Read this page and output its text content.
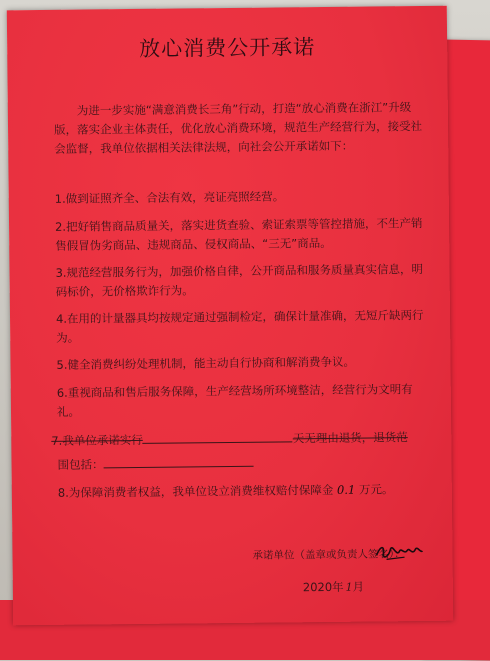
放心消费公开承诺
为进一步实施“满意消费长三角”行动，打造“放心消费在浙江”升级版，落实企业主体责任，优化放心消费环境，规范生产经营行为，接受社会监督，我单位依据相关法律法规，向社会公开承诺如下：
1.做到证照齐全、合法有效，亮证亮照经营。
2.把好销售商品质量关，落实进货查验、索证索票等管控措施，不生产销售假冒伪劣商品、违规商品、侵权商品、“三无”商品。
3.规范经营服务行为，加强价格自律，公开商品和服务质量真实信息，明码标价，无价格欺诈行为。
4.在用的计量器具均按规定通过强制检定，确保计量准确，无短斤缺两行为。
5.健全消费纠纷处理机制，能主动自行协商和解消费争议。
6.重视商品和售后服务保障，生产经营场所环境整洁，经营行为文明有礼。
7.我单位承诺实行	天无理由退货，退货范
围包括：
8.为保障消费者权益，我单位设立消费维权赔付保障金 0.1 万元。
承诺单位（盖章或负责人签名）：
2020年 1月
